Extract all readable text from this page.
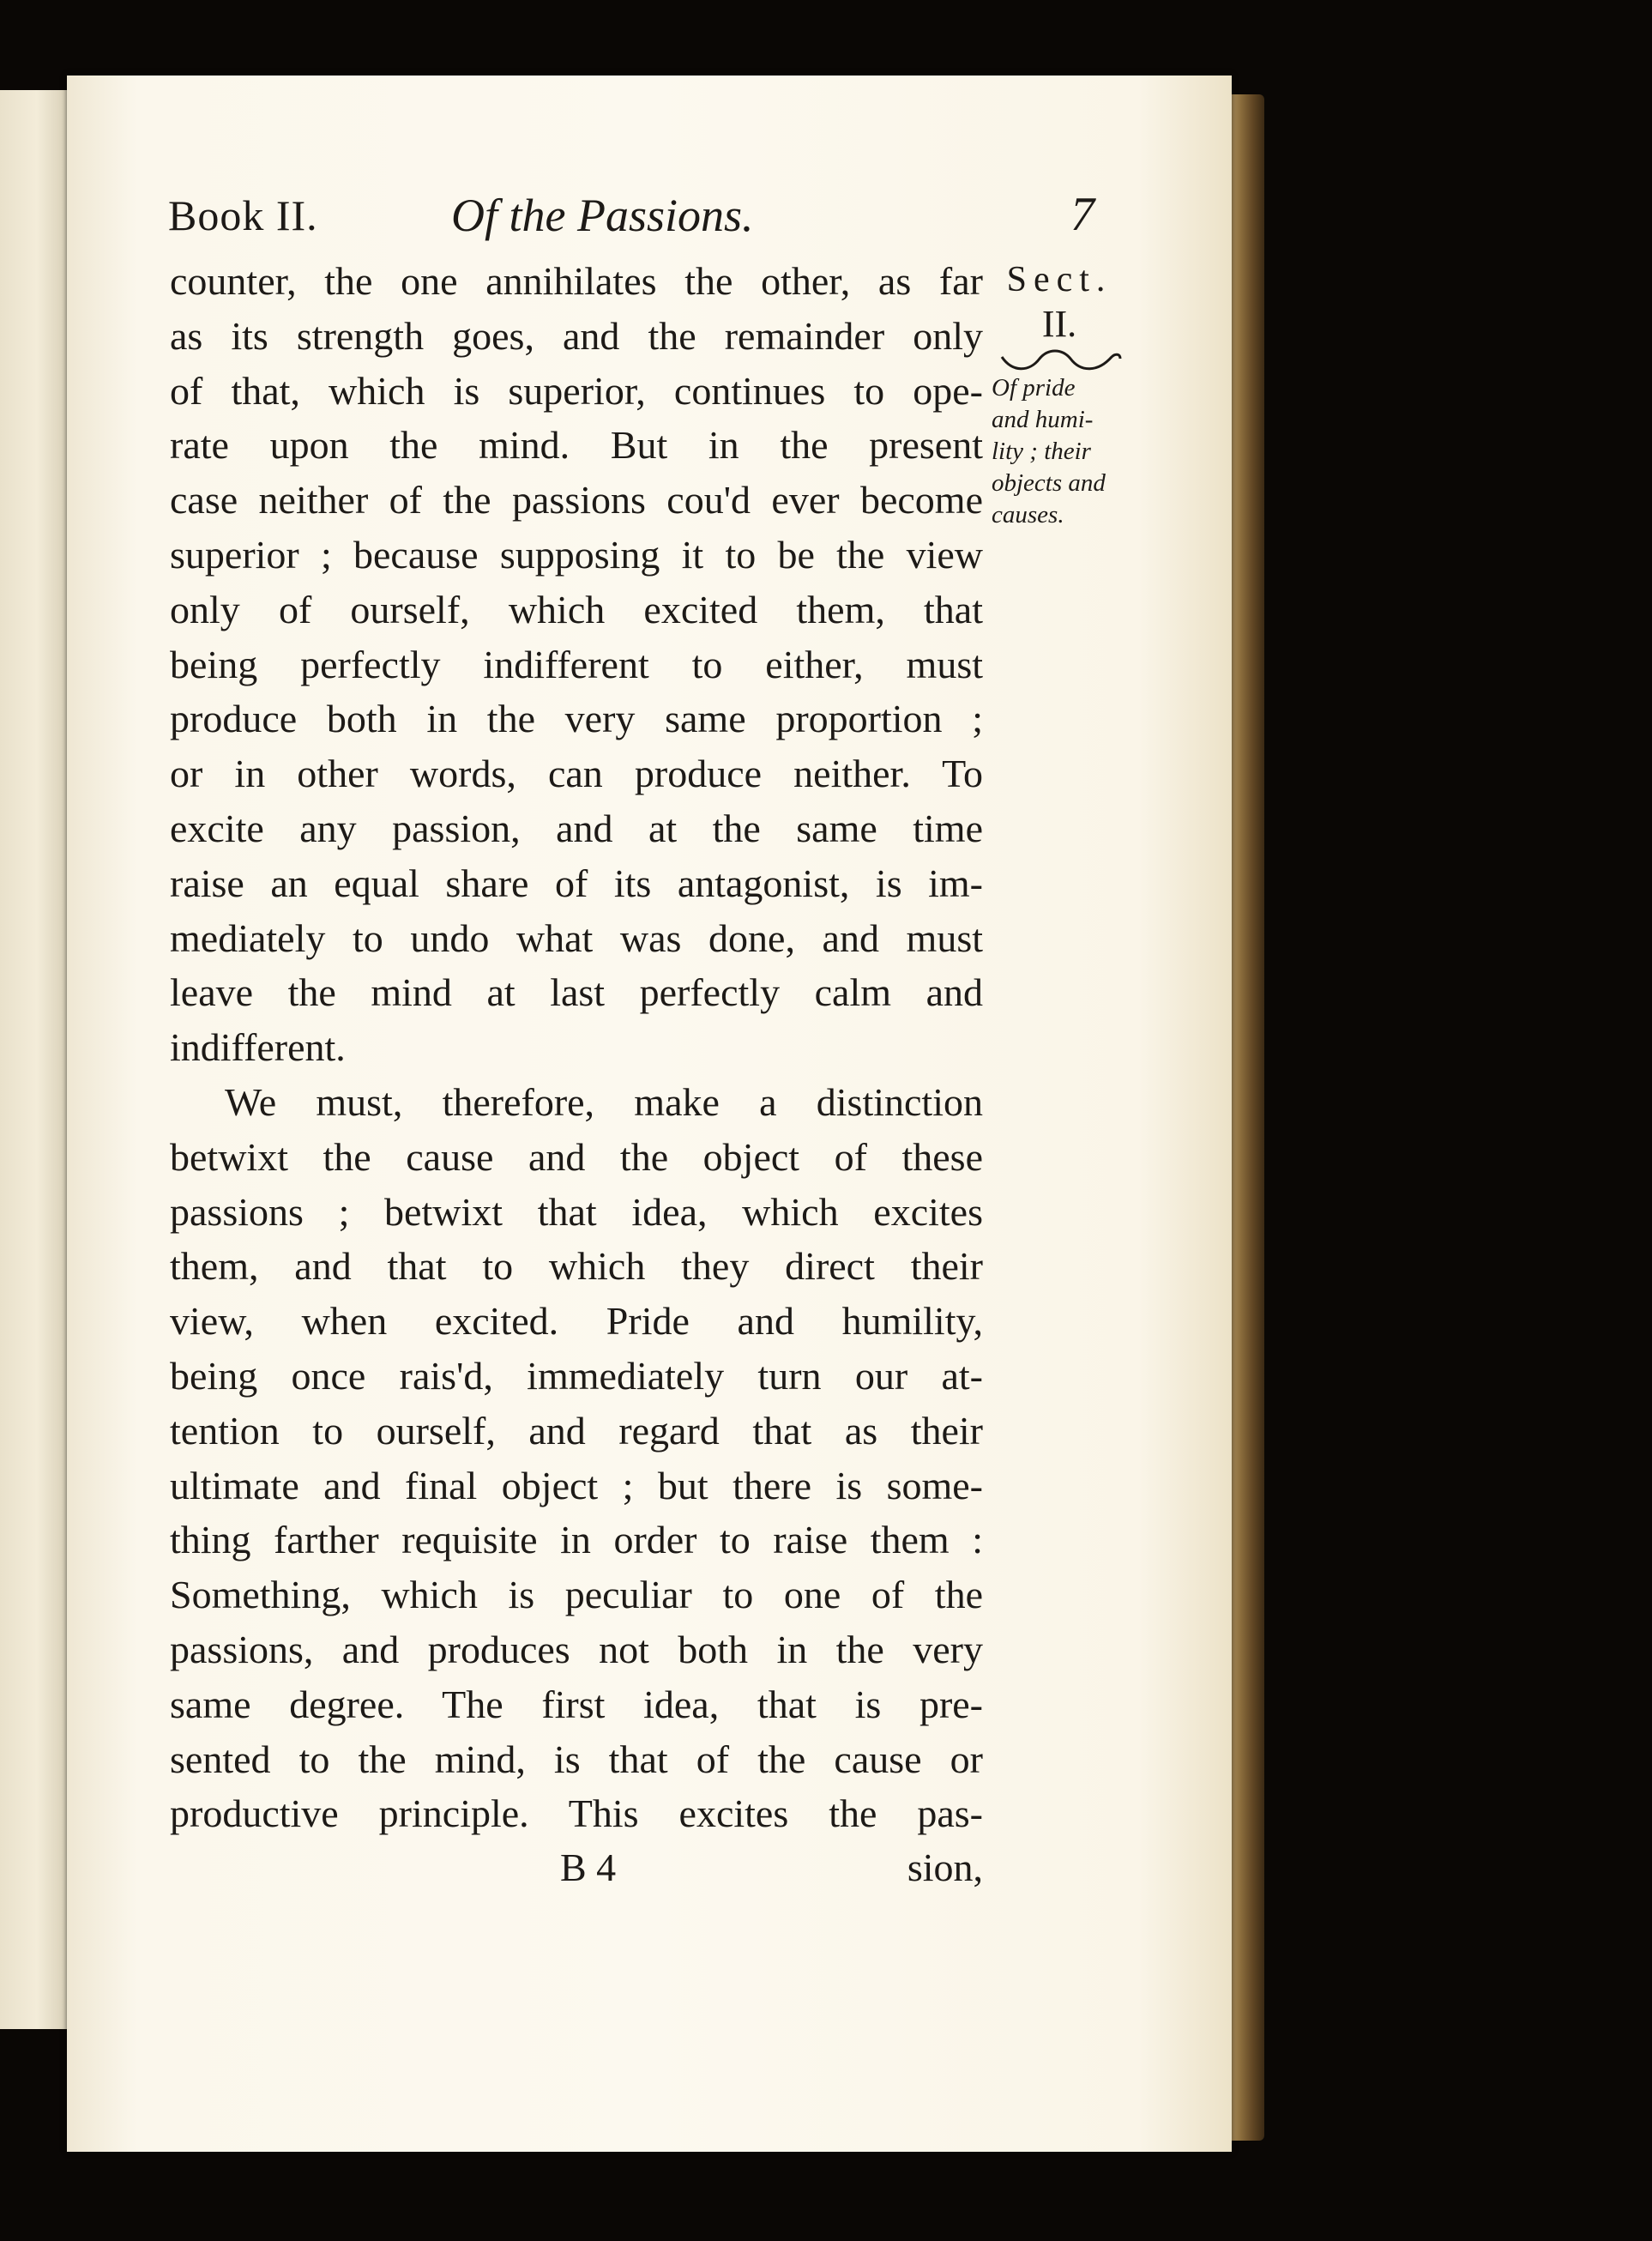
Book II.	Of the Passions.	7
counter, the one annihilates the other, as far
as its strength goes, and the remainder only
of that, which is superior, continues to ope-
rate upon the mind. But in the present
case neither of the passions cou'd ever become
superior ; because supposing it to be the view
only of ourself, which excited them, that
being perfectly indifferent to either, must
produce both in the very same proportion ;
or in other words, can produce neither. To
excite any passion, and at the same time
raise an equal share of its antagonist, is im-
mediately to undo what was done, and must
leave the mind at last perfectly calm and
indifferent.
We must, therefore, make a distinction
betwixt the cause and the object of these
passions ; betwixt that idea, which excites
them, and that to which they direct their
view, when excited. Pride and humility,
being once rais'd, immediately turn our at-
tention to ourself, and regard that as their
ultimate and final object ; but there is some-
thing farther requisite in order to raise them :
Something, which is peculiar to one of the
passions, and produces not both in the very
same degree. The first idea, that is pre-
sented to the mind, is that of the cause or
productive principle. This excites the pas-
Sect.
II.
Of pride
and humi-
lity ; their
objects and
causes.
B 4	sion,
